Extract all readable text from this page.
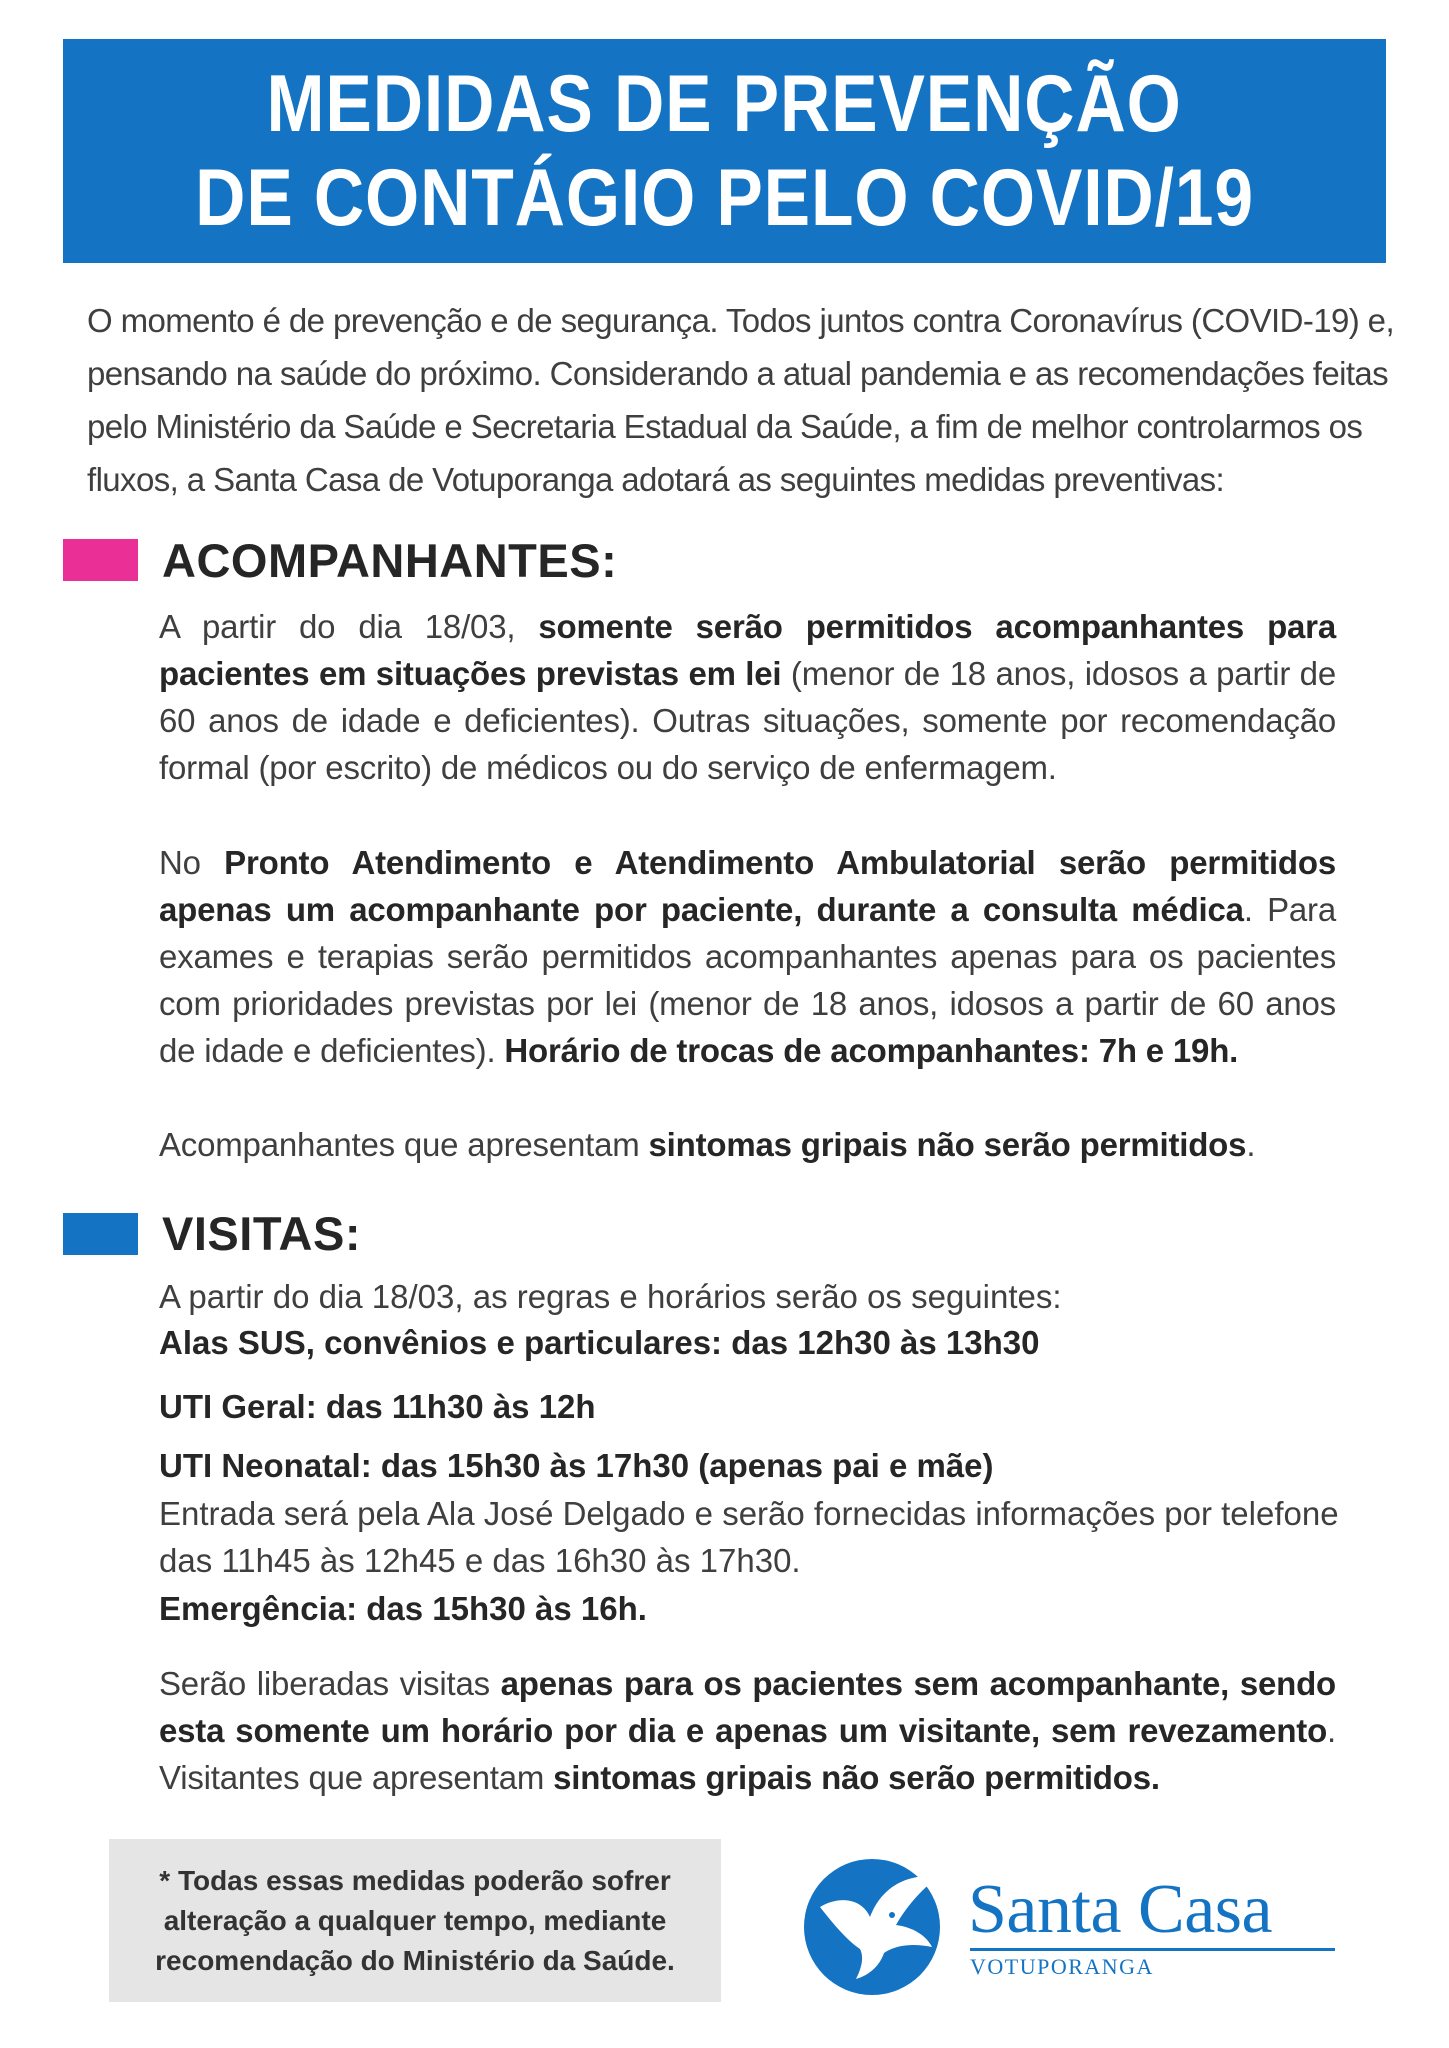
MEDIDAS DE PREVENÇÃO
DE CONTÁGIO PELO COVID/19
O momento é de prevenção e de segurança. Todos juntos contra Coronavírus (COVID-19) e,
pensando na saúde do próximo. Considerando a atual pandemia e as recomendações feitas
pelo Ministério da Saúde e Secretaria Estadual da Saúde, a fim de melhor controlarmos os
fluxos, a Santa Casa de Votuporanga adotará as seguintes medidas preventivas:
ACOMPANHANTES:
A partir do dia 18/03, somente serão permitidos acompanhantes para pacientes em situações previstas em lei (menor de 18 anos, idosos a partir de 60 anos de idade e deficientes). Outras situações, somente por recomendação formal (por escrito) de médicos ou do serviço de enfermagem.
No Pronto Atendimento e Atendimento Ambulatorial serão permitidos apenas um acompanhante por paciente, durante a consulta médica. Para exames e terapias serão permitidos acompanhantes apenas para os pacientes com prioridades previstas por lei (menor de 18 anos, idosos a partir de 60 anos de idade e deficientes). Horário de trocas de acompanhantes: 7h e 19h.
Acompanhantes que apresentam sintomas gripais não serão permitidos.
VISITAS:
A partir do dia 18/03, as regras e horários serão os seguintes:
Alas SUS, convênios e particulares: das 12h30 às 13h30
UTI Geral: das 11h30 às 12h
UTI Neonatal: das 15h30 às 17h30 (apenas pai e mãe)
Entrada será pela Ala José Delgado e serão fornecidas informações por telefone
das 11h45 às 12h45 e das 16h30 às 17h30.
Emergência: das 15h30 às 16h.
Serão liberadas visitas apenas para os pacientes sem acompanhante, sendo esta somente um horário por dia e apenas um visitante, sem revezamento. Visitantes que apresentam sintomas gripais não serão permitidos.
* Todas essas medidas poderão sofrer
alteração a qualquer tempo, mediante
recomendação do Ministério da Saúde.
Santa Casa
VOTUPORANGA
